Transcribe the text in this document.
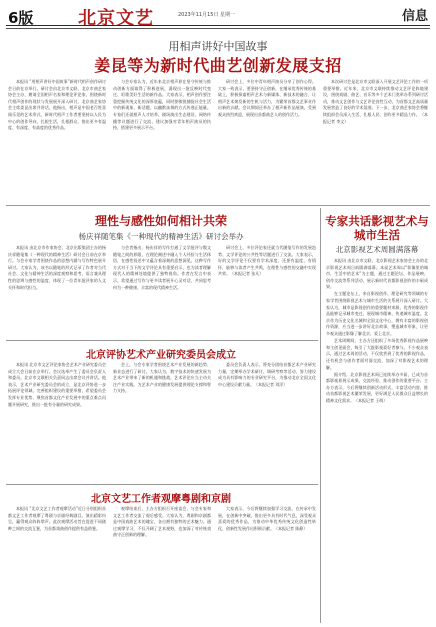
6版 北京文艺	2023年11月15日 星期一	信息
用相声讲好中国故事
姜昆等为新时代曲艺创新发展支招

本报讯 “用相声讲好中国故事”新时代相声创作研讨会日前在京举行。研讨会由北京市文联、北京市曲艺家协会主办，邀请全国相声名家和理论评论家，围绕新时代相声创作的现状与发展展开深入研讨。北京曲艺家协会主席姜昆出席并讲话，他指出，相声是中国老百姓喜闻乐见的艺术形式，新时代相声工作者要坚持以人民为中心的创作导向，扎根生活、扎根群众，推出更多有温度、有深度、有高度的优秀作品。

与会专家认为，近年来北京相声界在坚守传统与推动创新方面取得了积极进展，涌现出一批反映时代变迁、讴歌美好生活的新作品。大家表示，相声创作要注重挖掘传统文化的深厚底蕴，同时要敏锐捕捉社会生活中的新现象、新话题，以幽默诙谐的方式传递正能量。专家们还就相声人才培养、剧场演出生态建设、网络传播等议题进行了交流，建议加强对青年相声演员的扶持，搭建更多展示平台。

研讨会上，多位中青年相声演员分享了创作心得。大家一致表示，要坚持守正创新，在继承优秀传统的基础上，积极探索相声艺术与新媒体、新技术的融合，让相声艺术焕发新的生机与活力，为繁荣首都文艺事业作出新的贡献。会议期间还举办了相声新作品展演，受到观众热烈欢迎，展现出首都曲艺人的创作活力。

本次研讨会是北京市文联深入开展文艺评论工作的一项重要举措。近年来，北京市文联持续推动文艺评论阵地建设，围绕戏剧、曲艺、音乐等多个艺术门类举办系列研讨活动，推动文艺创作与文艺评论良性互动，为首都文艺高质量发展营造了良好的学术氛围。下一步，北京曲艺家协会将继续组织会员深入生活、扎根人民，创作更多精品力作。（本报记者 李文）

理性与感性如何相计共荣
杨庆祥随笔集《一种现代的精神生活》研讨会举办

本报讯 由北京市作家协会、北京出版集团主办的杨庆祥随笔集《一种现代的精神生活》研讨会日前在京举行。与会专家学者围绕作品的思想内涵与写作特色展开研讨。大家认为，该书以随笔的形式记录了作者对当代社会、文化与精神生活的深度观察和思考，语言兼具理性的思辨与感性的温度，体现了一位青年批评家的人文关怀和时代担当。

与会者指出，杨庆祥的写作打通了文学批评与散文随笔之间的界限，在理论阐述中融入个人经验与生活体悟，在感性叙述中又蕴含着深刻的思想洞见。这种写作方式对于当下的文学评论具有重要启示，也为读者理解现代人的精神处境提供了独特视角。作者在发言中表示，希望通过写作与更多读者展开心灵对话，共同思考何为一种健康、丰富的现代精神生活。

研讨会上，多位评论家还就当代随笔写作的发展趋势、文学评论的公共性等话题进行了交流。大家表示，好的文学评论不仅要有学术深度，还要有温度、有情怀，能够与读者产生共鸣，在理性与感性的交融中实现共荣。（本报记者 张凡）

专家共话影视艺术与城市生活
北京影视艺术周圆满落幕

本报讯 由北京市文联、北京影视艺术家协会主办的北京影视艺术周日前圆满落幕。本届艺术周以“影像里的城市，生活中的艺术”为主题，通过主题论坛、作品展映、创作交流等系列活动，展示新时代首都影视创作的丰硕成果。

在主题论坛上，来自影视创作、理论研究等领域的专家学者围绕影视艺术与城市生活的关系展开深入研讨。大家认为，城市是影视创作的重要题材来源，优秀的影视作品能够记录城市变迁、展现城市精神、传递城市温度。北京作为历史文化名城和全国文化中心，拥有丰富的影视创作资源，应当进一步讲好北京故事，塑造城市形象，让更多观众通过影像了解北京、爱上北京。

艺术周期间，主办方还组织了多场优秀影视作品展映和主创见面会，吸引了大批影视爱好者参与。不少观众表示，通过艺术周的活动，不仅欣赏到了优秀的影视作品，还有机会与创作者面对面交流，加深了对影视艺术的理解。

据介绍，北京影视艺术周已连续举办多届，已成为首都影视界展示成果、交流经验、推动创作的重要平台。主办方表示，今后将继续创新活动形式，丰富活动内容，推动首都影视艺术繁荣发展，更好满足人民群众日益增长的精神文化需求。（本报记者 王萌）

北京评协艺术产业研究委员会成立

本报讯 北京市文艺评论家协会艺术产业研究委员会成立大会日前在京举行。会议选举产生了委员会负责人和委员。北京市文联相关负责同志出席会议并讲话。他表示，艺术产业研究委员会的成立，是北京评协进一步拓展评论领域、完善组织建设的重要举措，希望委员会发挥专业优势，聚焦首都文化产业发展中的重点难点问题开展研究，推出一批有分量的研究成果。

会上，与会专家学者围绕艺术产业发展的新趋势、新业态进行了研讨。大家认为，数字技术的快速发展为艺术产业带来了新的机遇和挑战，艺术评论应当主动关注产业实践，为艺术产业的健康发展提供理论支撑和智力支持。

委员会负责人表示，将充分团结首都艺术产业研究力量，定期举办学术研讨、调研考察等活动，努力建设成为具有影响力的专业研究平台，为推动北京全国文化中心建设贡献力量。（本报记者 刘洋）

北京文艺工作者观摩粤剧和京剧

本报讯 “北京文艺工作者观摩活动”近日分别组织首都文艺工作者观摩了粤剧与京剧经典剧目。演出精彩纷呈，赢得观众阵阵掌声。此次观摩活动旨在促进不同剧种之间的交流互鉴，为首都戏曲创作提供有益借鉴。

观摩结束后，主办方组织召开座谈会，与会专家和文艺工作者交流了观后感受。大家认为，粤剧和京剧都是中国戏曲艺术的瑰宝，各自拥有独特的艺术魅力。通过观摩学习，不仅开阔了艺术视野，也加深了对传统戏曲守正创新的理解。

大家表示，今后将继续加强学习交流，在传承中发展，在创新中突破，推出更多具有时代气息、深受观众喜爱的优秀作品，为推动中华优秀传统文化创造性转化、创新性发展作出积极贡献。（本报记者 陈静）
